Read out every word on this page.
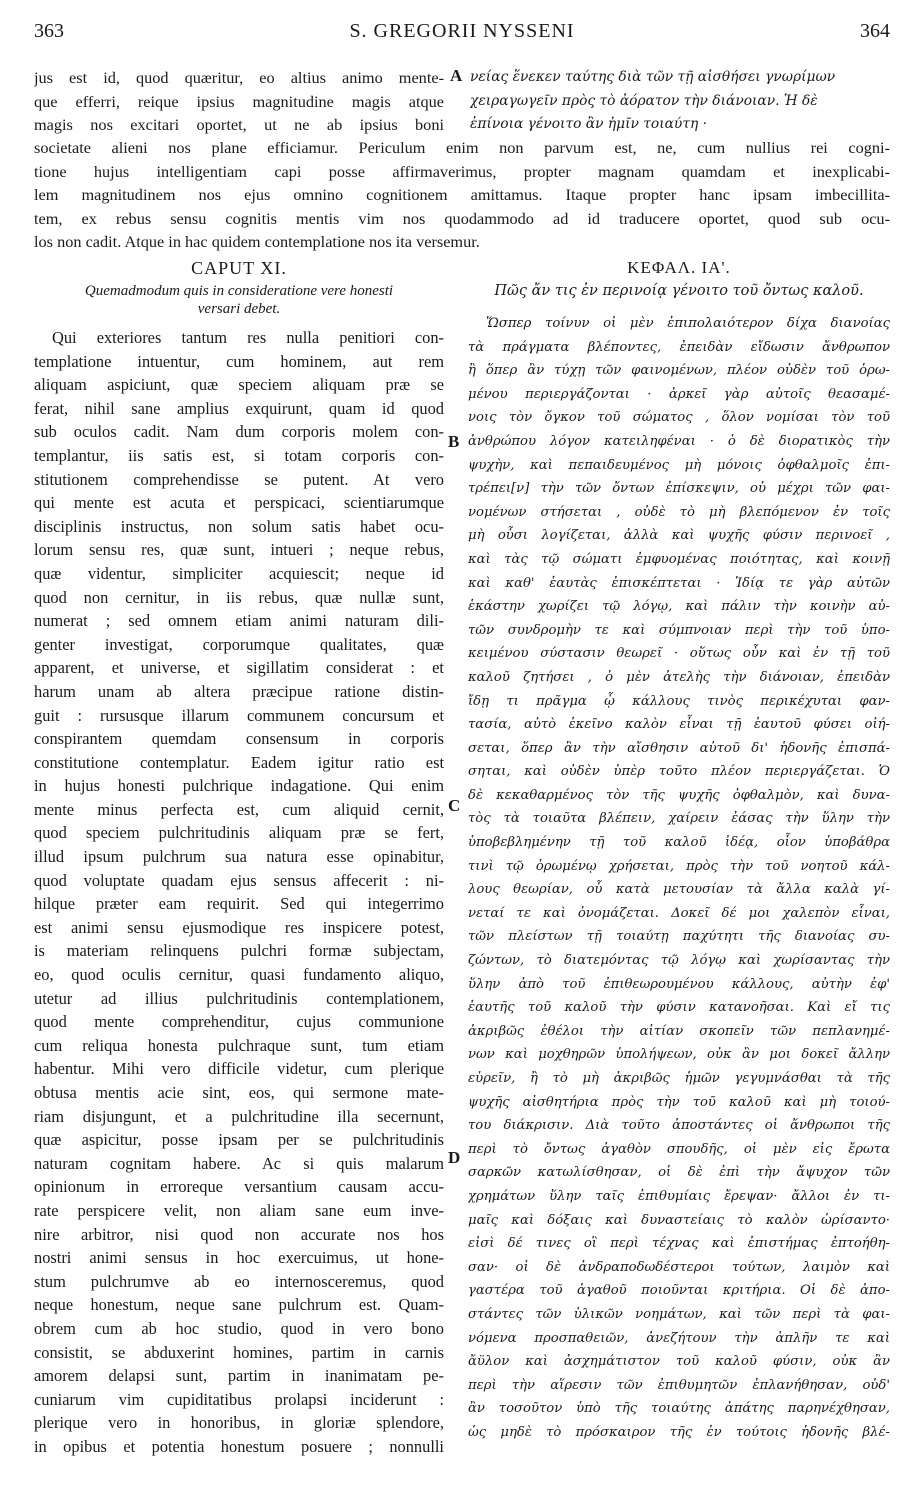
363	S. GREGORII NYSSENI	364
jus est id, quod quæritur, eo altius animo mente-
que efferri, reique ipsius magnitudine magis atque
magis nos excitari oportet, ut ne ab ipsius boni
νείας ἕνεκεν ταύτης διὰ τῶν τῇ αἰσθήσει γνωρίμων
χειραγωγεῖν πρὸς τὸ ἀόρατον τὴν διάνοιαν. Ἡ δὲ
ἐπίνοια γένοιτο ἂν ἡμῖν τοιαύτη ·
societate alieni nos plane efficiamur. Periculum enim non parvum est, ne, cum nullius rei cogni-
tione hujus intelligentiam capi posse affirmaverimus, propter magnam quamdam et inexplicabi-
lem magnitudinem nos ejus omnino cognitionem amittamus. Itaque propter hanc ipsam imbecillita-
tem, ex rebus sensu cognitis mentis vim nos quodammodo ad id traducere oportet, quod sub ocu-
los non cadit. Atque in hac quidem contemplatione nos ita versemur.
A
B
C
D
CAPUT XI.
Quemadmodum quis in consideratione vere honesti
versari debet.
Qui exteriores tantum res nulla penitiori con-
templatione intuentur, cum hominem, aut rem
aliquam aspiciunt, quæ speciem aliquam præ se
ferat, nihil sane amplius exquirunt, quam id quod
sub oculos cadit. Nam dum corporis molem con-
templantur, iis satis est, si totam corporis con-
stitutionem comprehendisse se putent. At vero
qui mente est acuta et perspicaci, scientiarumque
disciplinis instructus, non solum satis habet ocu-
lorum sensu res, quæ sunt, intueri ; neque rebus,
quæ videntur, simpliciter acquiescit; neque id
quod non cernitur, in iis rebus, quæ nullæ sunt,
numerat ; sed omnem etiam animi naturam dili-
genter investigat, corporumque qualitates, quæ
apparent, et universe, et sigillatim considerat : et
harum unam ab altera præcipue ratione distin-
guit : rursusque illarum communem concursum et
conspirantem quemdam consensum in corporis
constitutione contemplatur. Eadem igitur ratio est
in hujus honesti pulchrique indagatione. Qui enim
mente minus perfecta est, cum aliquid cernit,
quod speciem pulchritudinis aliquam præ se fert,
illud ipsum pulchrum sua natura esse opinabitur,
quod voluptate quadam ejus sensus affecerit : ni-
hilque præter eam requirit. Sed qui integerrimo
est animi sensu ejusmodique res inspicere potest,
is materiam relinquens pulchri formæ subjectam,
eo, quod oculis cernitur, quasi fundamento aliquo,
utetur ad illius pulchritudinis contemplationem,
quod mente comprehenditur, cujus communione
cum reliqua honesta pulchraque sunt, tum etiam
habentur. Mihi vero difficile videtur, cum plerique
obtusa mentis acie sint, eos, qui sermone mate-
riam disjungunt, et a pulchritudine illa secernunt,
quæ aspicitur, posse ipsam per se pulchritudinis
naturam cognitam habere. Ac si quis malarum
opinionum in erroreque versantium causam accu-
rate perspicere velit, non aliam sane eum inve-
nire arbitror, nisi quod non accurate nos hos
nostri animi sensus in hoc exercuimus, ut hone-
stum pulchrumve ab eo internosceremus, quod
neque honestum, neque sane pulchrum est. Quam-
obrem cum ab hoc studio, quod in vero bono
consistit, se abduxerint homines, partim in carnis
amorem delapsi sunt, partim in inanimatam pe-
cuniarum vim cupiditatibus prolapsi inciderunt :
plerique vero in honoribus, in gloriæ splendore,
in opibus et potentia honestum posuere ; nonnulli
ΚΕΦΑΛ. ΙΑ'.
Πῶς ἄν τις ἐν περινοίᾳ γένοιτο τοῦ ὄντως καλοῦ.
Ὥσπερ τοίνυν οἱ μὲν ἐπιπολαιότερον δίχα διανοίας
τὰ πράγματα βλέποντες, ἐπειδὰν εἴδωσιν ἄνθρωπον
ἢ ὅπερ ἂν τύχῃ τῶν φαινομένων, πλέον οὐδὲν τοῦ ὁρω-
μένου περιεργάζονται · ἀρκεῖ γὰρ αὐτοῖς θεασαμέ-
νοις τὸν ὄγκον τοῦ σώματος , ὅλον νομίσαι τὸν τοῦ
ἀνθρώπου λόγον κατειληφέναι · ὁ δὲ διορατικὸς τὴν
ψυχὴν, καὶ πεπαιδευμένος μὴ μόνοις ὀφθαλμοῖς ἐπι-
τρέπει[ν] τὴν τῶν ὄντων ἐπίσκεψιν, οὐ μέχρι τῶν φαι-
νομένων στήσεται , οὐδὲ τὸ μὴ βλεπόμενον ἐν τοῖς
μὴ οὖσι λογίζεται, ἀλλὰ καὶ ψυχῆς φύσιν περινοεῖ ,
καὶ τὰς τῷ σώματι ἐμφυομένας ποιότητας, καὶ κοινῇ
καὶ καθ' ἑαυτὰς ἐπισκέπτεται · Ἰδίᾳ τε γὰρ αὐτῶν
ἑκάστην χωρίζει τῷ λόγῳ, καὶ πάλιν τὴν κοινὴν αὐ-
τῶν συνδρομὴν τε καὶ σύμπνοιαν περὶ τὴν τοῦ ὑπο-
κειμένου σύστασιν θεωρεῖ · οὕτως οὖν καὶ ἐν τῇ τοῦ
καλοῦ ζητήσει , ὁ μὲν ἀτελὴς τὴν διάνοιαν, ἐπειδὰν
ἴδῃ τι πρᾶγμα ᾧ κάλλους τινὸς περικέχυται φαν-
τασία, αὐτὸ ἐκεῖνο καλὸν εἶναι τῇ ἑαυτοῦ φύσει οἰή-
σεται, ὅπερ ἂν τὴν αἴσθησιν αὐτοῦ δι' ἡδονῆς ἐπισπά-
σηται, καὶ οὐδὲν ὑπὲρ τοῦτο πλέον περιεργάζεται. Ὁ
δὲ κεκαθαρμένος τὸν τῆς ψυχῆς ὀφθαλμὸν, καὶ δυνα-
τὸς τὰ τοιαῦτα βλέπειν, χαίρειν ἐάσας τὴν ὕλην τὴν
ὑποβεβλημένην τῇ τοῦ καλοῦ ἰδέᾳ, οἷον ὑποβάθρα
τινὶ τῷ ὁρωμένῳ χρήσεται, πρὸς τὴν τοῦ νοητοῦ κάλ-
λους θεωρίαν, οὗ κατὰ μετουσίαν τὰ ἄλλα καλὰ γί-
νεταί τε καὶ ὀνομάζεται. Δοκεῖ δέ μοι χαλεπὸν εἶναι,
τῶν πλείστων τῇ τοιαύτῃ παχύτητι τῆς διανοίας συ-
ζώντων, τὸ διατεμόντας τῷ λόγῳ καὶ χωρίσαντας τὴν
ὕλην ἀπὸ τοῦ ἐπιθεωρουμένου κάλλους, αὐτὴν ἐφ'
ἑαυτῆς τοῦ καλοῦ τὴν φύσιν κατανοῆσαι. Καὶ εἴ τις
ἀκριβῶς ἐθέλοι τὴν αἰτίαν σκοπεῖν τῶν πεπλανημέ-
νων καὶ μοχθηρῶν ὑπολήψεων, οὐκ ἂν μοι δοκεῖ ἄλλην
εὑρεῖν, ἢ τὸ μὴ ἀκριβῶς ἡμῶν γεγυμνάσθαι τὰ τῆς
ψυχῆς αἰσθητήρια πρὸς τὴν τοῦ καλοῦ καὶ μὴ τοιού-
του διάκρισιν. Διὰ τοῦτο ἀποστάντες οἱ ἄνθρωποι τῆς
περὶ τὸ ὄντως ἀγαθὸν σπουδῆς, οἱ μὲν εἰς ἔρωτα
σαρκῶν κατωλίσθησαν, οἱ δὲ ἐπὶ τὴν ἄψυχον τῶν
χρημάτων ὕλην ταῖς ἐπιθυμίαις ἔρεψαν· ἄλλοι ἐν τι-
μαῖς καὶ δόξαις καὶ δυναστείαις τὸ καλὸν ὡρίσαντο·
εἰσὶ δέ τινες οἳ περὶ τέχνας καὶ ἐπιστήμας ἐπτοήθη-
σαν· οἱ δὲ ἀνδραποδωδέστεροι τούτων, λαιμὸν καὶ
γαστέρα τοῦ ἀγαθοῦ ποιοῦνται κριτήρια. Οἱ δὲ ἀπο-
στάντες τῶν ὑλικῶν νοημάτων, καὶ τῶν περὶ τὰ φαι-
νόμενα προσπαθειῶν, ἀνεζήτουν τὴν ἁπλῆν τε καὶ
ἄϋλον καὶ ἀσχημάτιστον τοῦ καλοῦ φύσιν, οὐκ ἂν
περὶ τὴν αἵρεσιν τῶν ἐπιθυμητῶν ἐπλανήθησαν, οὐδ'
ἂν τοσοῦτον ὑπὸ τῆς τοιαύτης ἀπάτης παρηνέχθησαν,
ὡς μηδὲ τὸ πρόσκαιρον τῆς ἐν τούτοις ἡδονῆς βλέ-
